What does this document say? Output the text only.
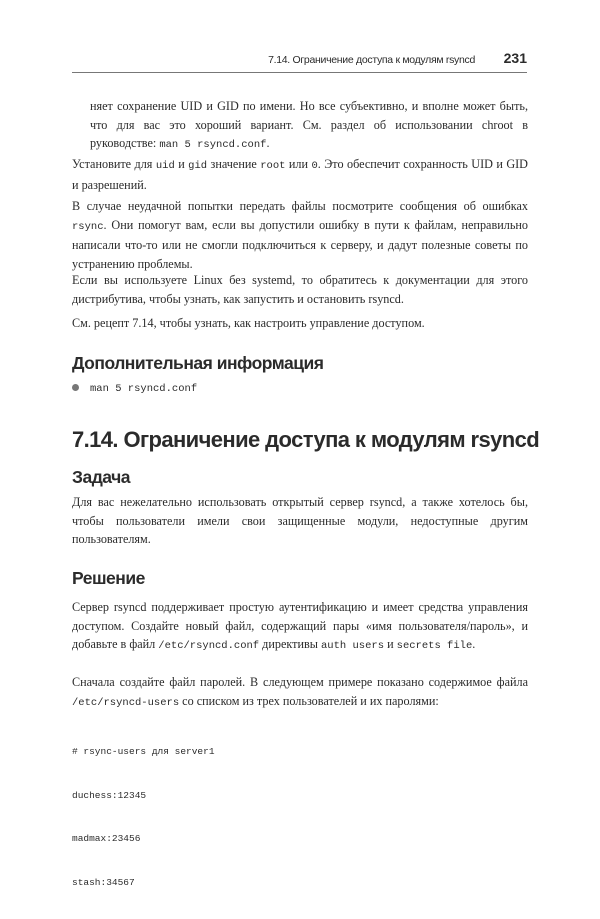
7.14. Ограничение доступа к модулям rsyncd 231

няет сохранение UID и GID по имени. Но все субъективно, и вполне может быть, что для вас это хороший вариант. См. раздел об использовании chroot в руководстве: man 5 rsyncd.conf.

Установите для uid и gid значение root или 0. Это обеспечит сохранность UID и GID и разрешений.

В случае неудачной попытки передать файлы посмотрите сообщения об ошибках rsync. Они помогут вам, если вы допустили ошибку в пути к файлам, неправильно написали что-то или не смогли подключиться к серверу, и дадут полезные советы по устранению проблемы.

Если вы используете Linux без systemd, то обратитесь к документации для этого дистрибутива, чтобы узнать, как запустить и остановить rsyncd.

См. рецепт 7.14, чтобы узнать, как настроить управление доступом.

Дополнительная информация
man 5 rsyncd.conf
7.14. Ограничение доступа к модулям rsyncd
Задача

Для вас нежелательно использовать открытый сервер rsyncd, а также хотелось бы, чтобы пользователи имели свои защищенные модули, недоступные другим пользователям.

Решение

Сервер rsyncd поддерживает простую аутентификацию и имеет средства управления доступом. Создайте новый файл, содержащий пары «имя пользователя/пароль», и добавьте в файл /etc/rsyncd.conf директивы auth users и secrets file.

Сначала создайте файл паролей. В следующем примере показано содержимое файла /etc/rsyncd-users со списком из трех пользователей и их паролями:

# rsync-users для server1

duchess:12345

madmax:23456

stash:34567
